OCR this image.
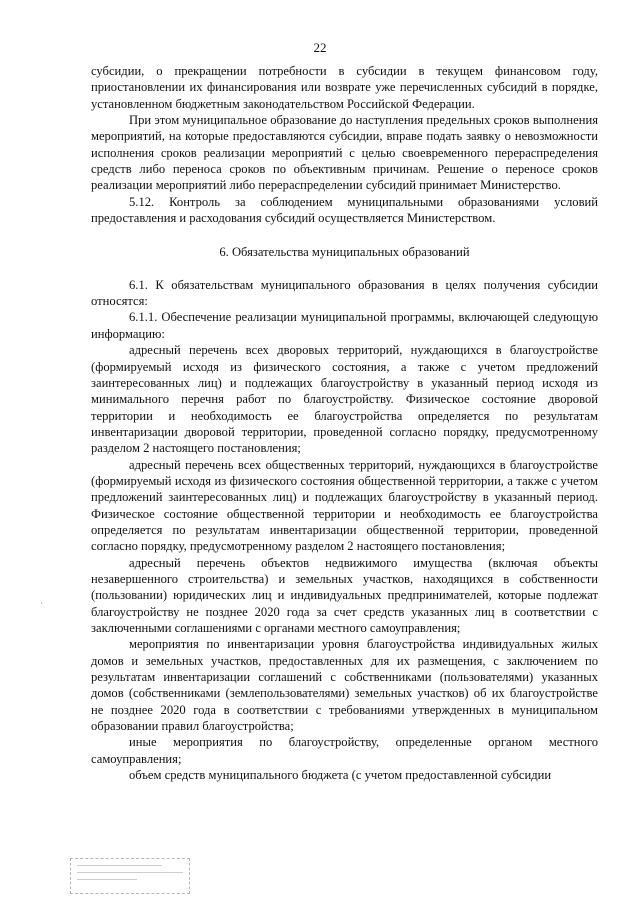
22

субсидии, о прекращении потребности в субсидии в текущем финансовом году, приостановлении их финансирования или возврате уже перечисленных субсидий в порядке, установленном бюджетным законодательством Российской Федерации.

При этом муниципальное образование до наступления предельных сроков выполнения мероприятий, на которые предоставляются субсидии, вправе подать заявку о невозможности исполнения сроков реализации мероприятий с целью своевременного перераспределения средств либо переноса сроков по объективным причинам. Решение о переносе сроков реализации мероприятий либо перераспределении субсидий принимает Министерство.

5.12. Контроль за соблюдением муниципальными образованиями условий предоставления и расходования субсидий осуществляется Министерством.

6. Обязательства муниципальных образований

6.1. К обязательствам муниципального образования в целях получения субсидии относятся:

6.1.1. Обеспечение реализации муниципальной программы, включающей следующую информацию:

адресный перечень всех дворовых территорий, нуждающихся в благоустройстве (формируемый исходя из физического состояния, а также с учетом предложений заинтересованных лиц) и подлежащих благоустройству в указанный период исходя из минимального перечня работ по благоустройству. Физическое состояние дворовой территории и необходимость ее благоустройства определяется по результатам инвентаризации дворовой территории, проведенной согласно порядку, предусмотренному разделом 2 настоящего постановления;

адресный перечень всех общественных территорий, нуждающихся в благоустройстве (формируемый исходя из физического состояния общественной территории, а также с учетом предложений заинтересованных лиц) и подлежащих благоустройству в указанный период. Физическое состояние общественной территории и необходимость ее благоустройства определяется по результатам инвентаризации общественной территории, проведенной согласно порядку, предусмотренному разделом 2 настоящего постановления;

адресный перечень объектов недвижимого имущества (включая объекты незавершенного строительства) и земельных участков, находящихся в собственности (пользовании) юридических лиц и индивидуальных предпринимателей, которые подлежат благоустройству не позднее 2020 года за счет средств указанных лиц в соответствии с заключенными соглашениями с органами местного самоуправления;

мероприятия по инвентаризации уровня благоустройства индивидуальных жилых домов и земельных участков, предоставленных для их размещения, с заключением по результатам инвентаризации соглашений с собственниками (пользователями) указанных домов (собственниками (землепользователями) земельных участков) об их благоустройстве не позднее 2020 года в соответствии с требованиями утвержденных в муниципальном образовании правил благоустройства;

иные мероприятия по благоустройству, определенные органом местного самоуправления;

объем средств муниципального бюджета (с учетом предоставленной субсидии

·
